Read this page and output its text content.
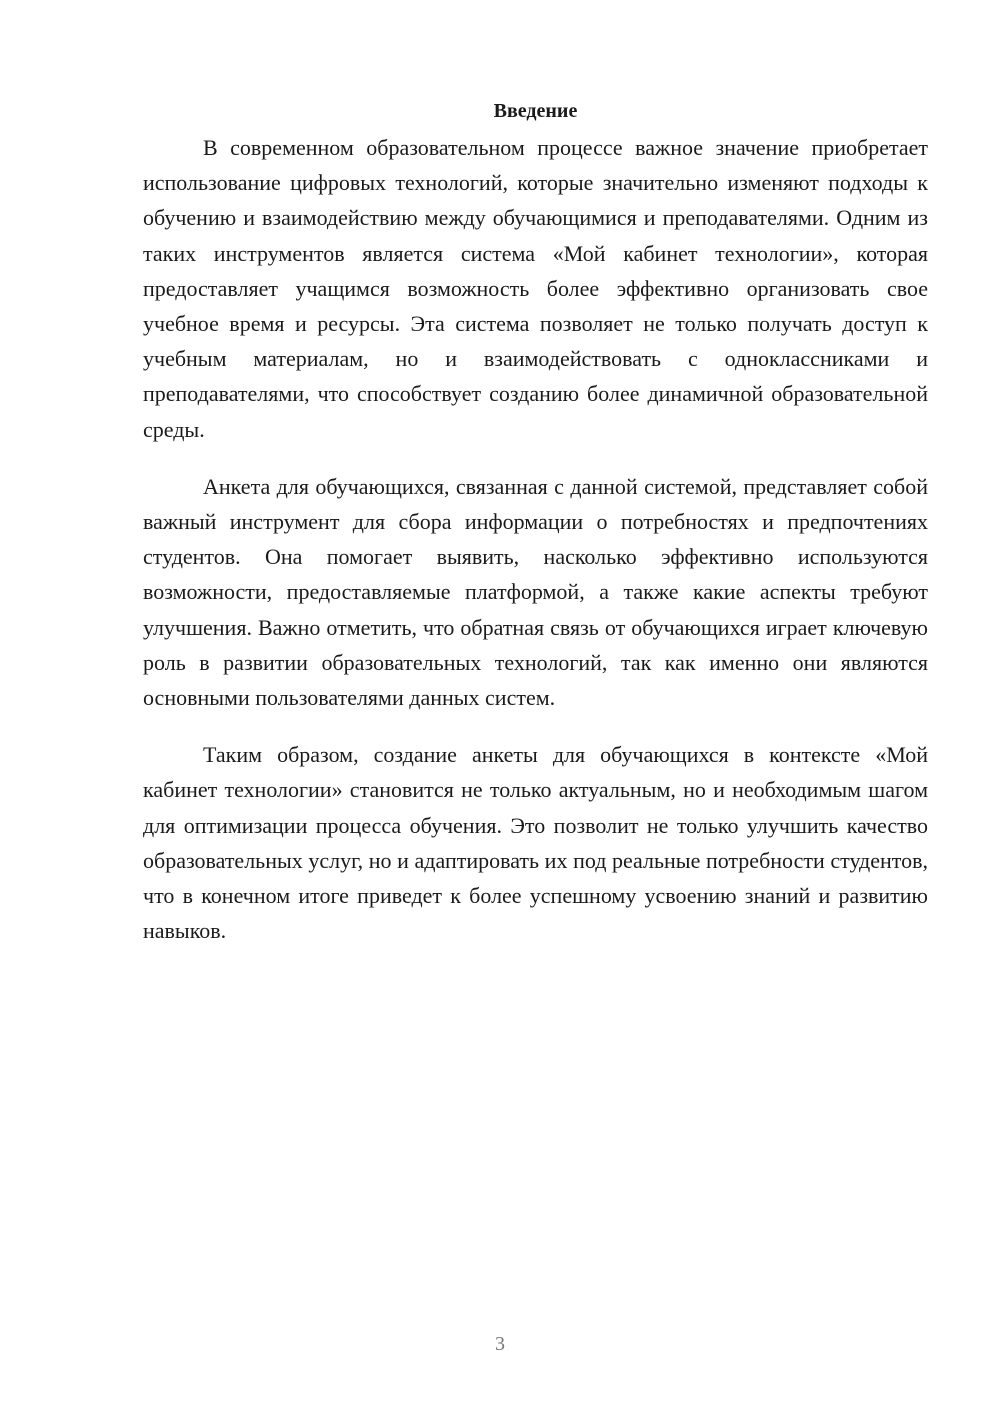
Введение

В современном образовательном процессе важное значение приобретает использование цифровых технологий, которые значительно изменяют подходы к обучению и взаимодействию между обучающимися и преподавателями. Одним из таких инструментов является система «Мой кабинет технологии», которая предоставляет учащимся возможность более эффективно организовать свое учебное время и ресурсы. Эта система позволяет не только получать доступ к учебным материалам, но и взаимодействовать с одноклассниками и преподавателями, что способствует созданию более динамичной образовательной среды.

Анкета для обучающихся, связанная с данной системой, представляет собой важный инструмент для сбора информации о потребностях и предпочтениях студентов. Она помогает выявить, насколько эффективно используются возможности, предоставляемые платформой, а также какие аспекты требуют улучшения. Важно отметить, что обратная связь от обучающихся играет ключевую роль в развитии образовательных технологий, так как именно они являются основными пользователями данных систем.

Таким образом, создание анкеты для обучающихся в контексте «Мой кабинет технологии» становится не только актуальным, но и необходимым шагом для оптимизации процесса обучения. Это позволит не только улучшить качество образовательных услуг, но и адаптировать их под реальные потребности студентов, что в конечном итоге приведет к более успешному усвоению знаний и развитию навыков.

3
